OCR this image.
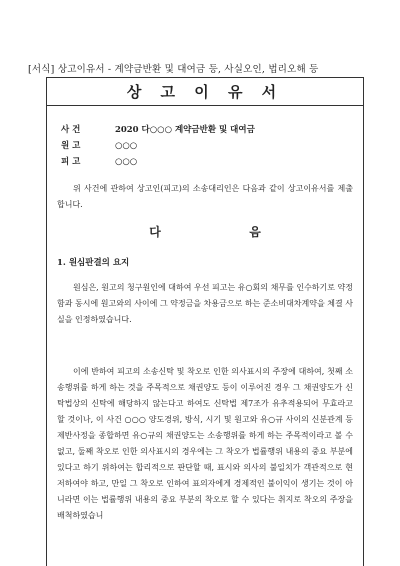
[서식] 상고이유서 - 계약금반환 및 대여금 등, 사실오인, 법리오해 등
상 고 이 유 서
사 건	2020 다○○○ 계약금반환 및 대여금
원 고	○○○
피 고	○○○

위 사건에 관하여 상고인(피고)의 소송대리인은 다음과 같이 상고이유서를 제출합니다.

다	음
1. 원심판결의 요지

원심은, 원고의 청구원인에 대하여 우선 피고는 유○회의 채무를 인수하기로 약정함과 동시에 원고와의 사이에 그 약정금을 차용금으로 하는 준소비대차계약을 체결 사실을 인정하였습니다.

이에 반하여 피고의 소송신탁 및 착오로 인한 의사표시의 주장에 대하여, 첫째 소송행위를 하게 하는 것을 주목적으로 채권양도 등이 이루어진 경우 그 채권양도가 신탁법상의 신탁에 해당하지 않는다고 하여도 신탁법 제7조가 유추적용되어 무효라고 할 것이나, 이 사건 ○○○ 양도경위, 방식, 시기 및 원고와 유○규 사이의 신분관계 등 제반사정을 종합하면 유○규의 채권양도는 소송행위를 하게 하는 주목적이라고 볼 수 없고, 둘째 착오로 인한 의사표시의 경우에는 그 착오가 법률행위 내용의 중요 부분에 있다고 하기 위하여는 합리적으로 판단할 때, 표시와 의사의 불일치가 객관적으로 현저하여야 하고, 만일 그 착오로 인하여 표의자에게 경제적인 불이익이 생기는 것이 아니라면 이는 법률행위 내용의 중요 부분의 착오로 할 수 있다는 취지로 착오의 주장을 배척하였습니
